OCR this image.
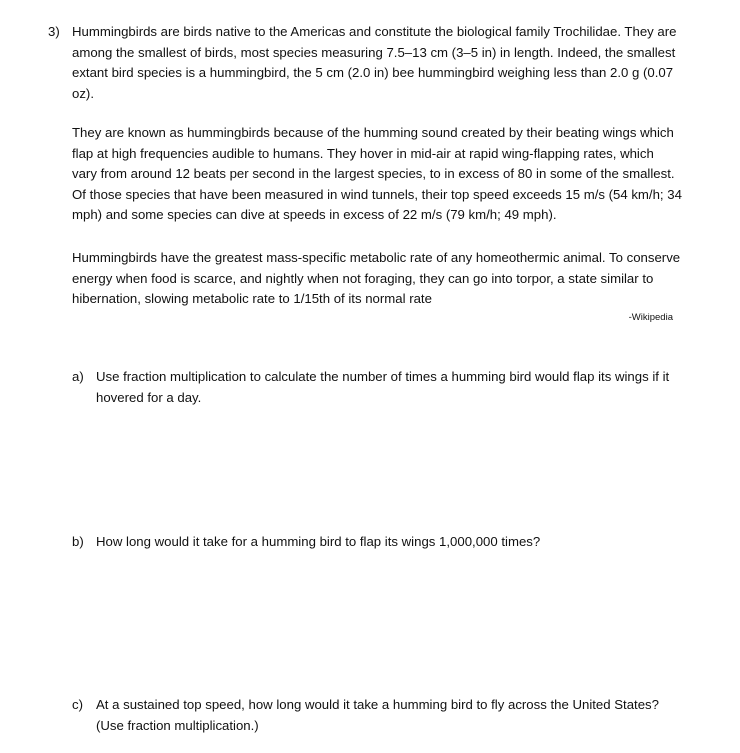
3) Hummingbirds are birds native to the Americas and constitute the biological family Trochilidae. They are among the smallest of birds, most species measuring 7.5–13 cm (3–5 in) in length. Indeed, the smallest extant bird species is a hummingbird, the 5 cm (2.0 in) bee hummingbird weighing less than 2.0 g (0.07 oz).

They are known as hummingbirds because of the humming sound created by their beating wings which flap at high frequencies audible to humans. They hover in mid-air at rapid wing-flapping rates, which vary from around 12 beats per second in the largest species, to in excess of 80 in some of the smallest. Of those species that have been measured in wind tunnels, their top speed exceeds 15 m/s (54 km/h; 34 mph) and some species can dive at speeds in excess of 22 m/s (79 km/h; 49 mph).

Hummingbirds have the greatest mass-specific metabolic rate of any homeothermic animal. To conserve energy when food is scarce, and nightly when not foraging, they can go into torpor, a state similar to hibernation, slowing metabolic rate to 1/15th of its normal rate

-Wikipedia
a) Use fraction multiplication to calculate the number of times a humming bird would flap its wings if it hovered for a day.
b) How long would it take for a humming bird to flap its wings 1,000,000 times?
c) At a sustained top speed, how long would it take a humming bird to fly across the United States? (Use fraction multiplication.)
